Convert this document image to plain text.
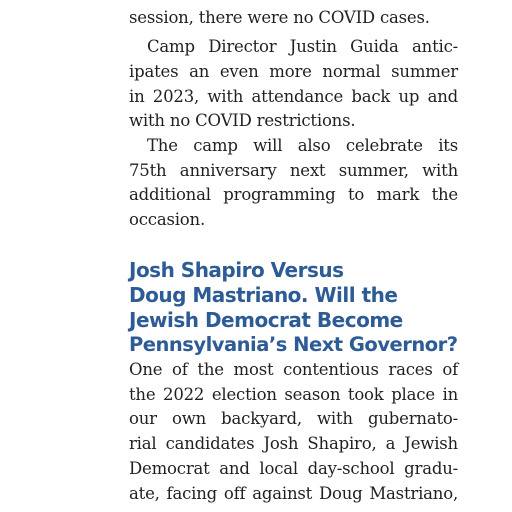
session, there were no COVID cases.
Camp Director Justin Guida antic-
ipates an even more normal summer
in 2023, with attendance back up and
with no COVID restrictions.
The camp will also celebrate its
75th anniversary next summer, with
additional programming to mark the
occasion.
Josh Shapiro Versus
Doug Mastriano. Will the
Jewish Democrat Become
Pennsylvania’s Next Governor?
One of the most contentious races of
the 2022 election season took place in
our own backyard, with gubernato-
rial candidates Josh Shapiro, a Jewish
Democrat and local day-school gradu-
ate, facing off against Doug Mastriano,
